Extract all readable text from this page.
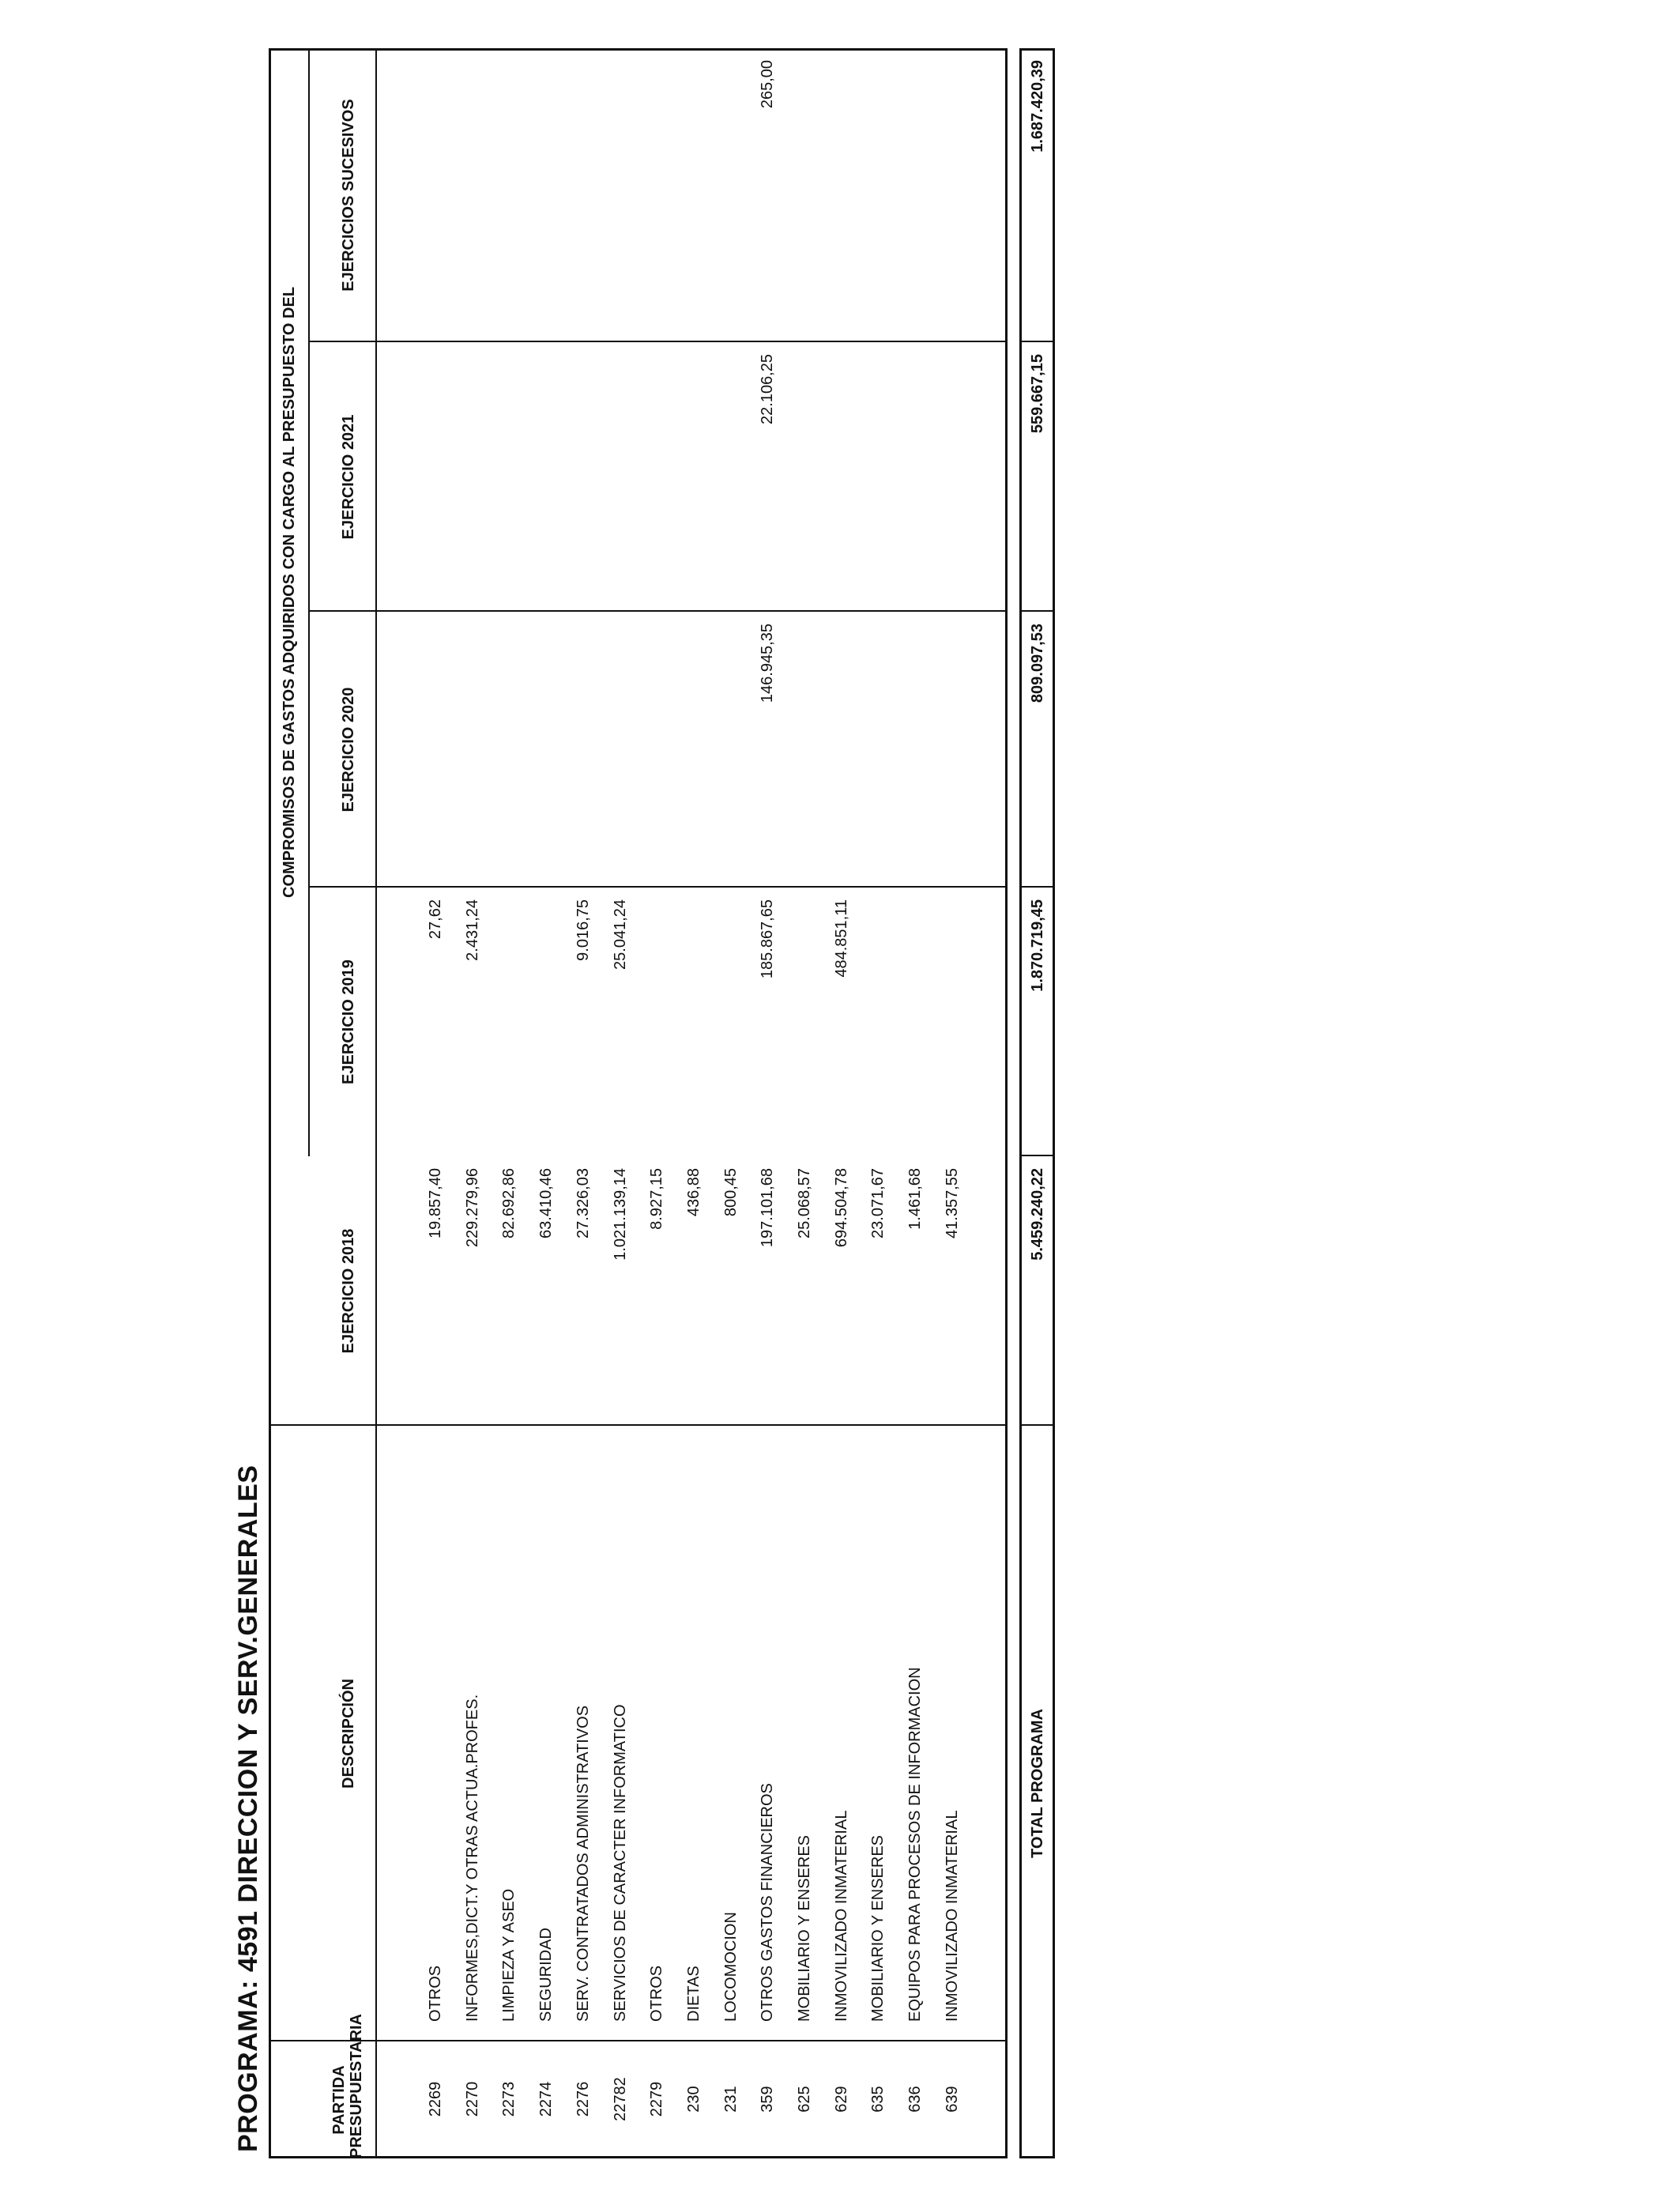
PROGRAMA: 4591 DIRECCION Y SERV.GENERALES	PARTIDA PRESUPUESTARIA
DESCRIPCIÓN
COMPROMISOS DE GASTOS ADQUIRIDOS CON CARGO AL PRESUPUESTO DEL
EJERCICIO 2018
EJERCICIO 2019
EJERCICIO 2020
EJERCICIO 2021
EJERCICIOS SUCESIVOS
2269
OTROS
19.857,40
27,62
2270
INFORMES,DICT.Y OTRAS ACTUA.PROFES.
229.279,96
2.431,24
2273
LIMPIEZA Y ASEO
82.692,86
2274
SEGURIDAD
63.410,46
2276
SERV. CONTRATADOS ADMINISTRATIVOS
27.326,03
9.016,75
22782
SERVICIOS DE CARACTER INFORMATICO
1.021.139,14
25.041,24
2279
OTROS
8.927,15
230
DIETAS
436,88
231
LOCOMOCION
800,45
359
OTROS GASTOS FINANCIEROS
197.101,68
185.867,65
146.945,35
22.106,25
265,00
625
MOBILIARIO Y ENSERES
25.068,57
629
INMOVILIZADO INMATERIAL
694.504,78
484.851,11
635
MOBILIARIO Y ENSERES
23.071,67
636
EQUIPOS PARA PROCESOS DE INFORMACION
1.461,68
639
INMOVILIZADO INMATERIAL
41.357,55
TOTAL PROGRAMA
5.459.240,22
1.870.719,45
809.097,53
559.667,15
1.687.420,39
